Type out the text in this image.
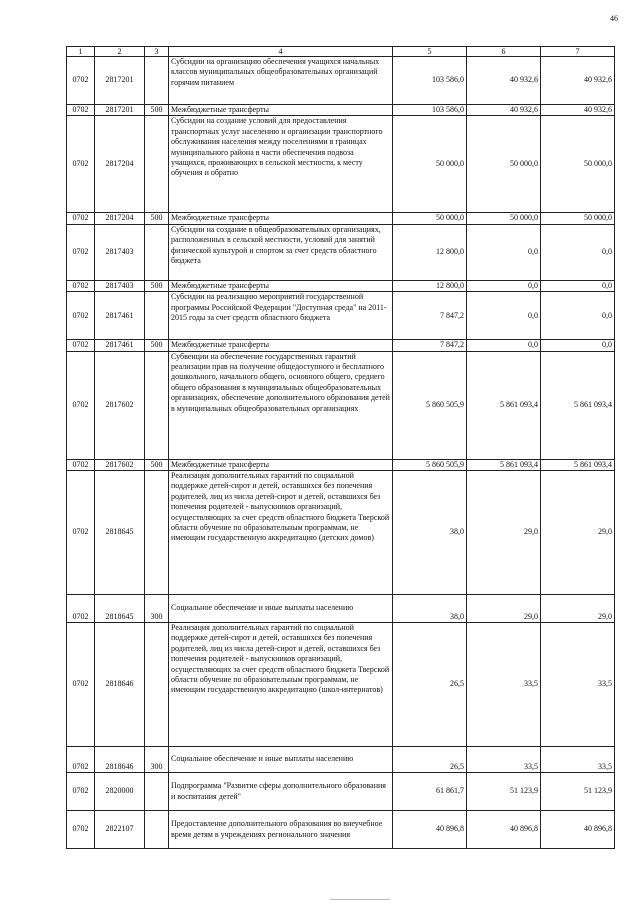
46
1	2	3	4	5	6	7
0702	2817201		Субсидии на организацию обеспечения учащихся начальных классов муниципальных общеобразовательных организаций горячим питанием	103 586,0	40 932,6	40 932,6
0702	2817201	500	Межбюджетные трансферты	103 586,0	40 932,6	40 932,6
0702	2817204		Субсидии на создание условий для предоставления транспортных услуг населению и организации транспортного обслуживания населения между поселениями в границах муниципального района в части обеспечения подвоза учащихся, проживающих в сельской местности, к месту обучения и обратно	50 000,0	50 000,0	50 000,0
0702	2817204	500	Межбюджетные трансферты	50 000,0	50 000,0	50 000,0
0702	2817403		Субсидии на создание в общеобразовательных организациях, расположенных в сельской местности, условий для занятий физической культурой и спортом за счет средств областного бюджета	12 800,0	0,0	0,0
0702	2817403	500	Межбюджетные трансферты	12 800,0	0,0	0,0
0702	2817461		Субсидии на реализацию мероприятий государственной программы Российской Федерации "Доступная среда" на 2011-2015 годы за счет средств областного бюджета	7 847,2	0,0	0,0
0702	2817461	500	Межбюджетные трансферты	7 847,2	0,0	0,0
0702	2817602		Субвенции на обеспечение государственных гарантий реализации прав на получение общедоступного и бесплатного дошкольного, начального общего, основного общего, среднего общего образования в муниципальных общеобразовательных организациях, обеспечение дополнительного образования детей в муниципальных общеобразовательных организациях	5 860 505,9	5 861 093,4	5 861 093,4
0702	2817602	500	Межбюджетные трансферты	5 860 505,9	5 861 093,4	5 861 093,4
0702	2818645		Реализация дополнительных гарантий по социальной поддержке детей-сирот и детей, оставшихся без попечения родителей, лиц из числа детей-сирот и детей, оставшихся без попечения родителей - выпускников организаций, осуществляющих за счет средств областного бюджета Тверской области обучение по образовательным программам, не имеющим государственную аккредитацию (детских домов)	38,0	29,0	29,0
0702	2818645	300	Социальное обеспечение и иные выплаты населению	38,0	29,0	29,0
0702	2818646		Реализация дополнительных гарантий по социальной поддержке детей-сирот и детей, оставшихся без попечения родителей, лиц из числа детей-сирот и детей, оставшихся без попечения родителей - выпускников организаций, осуществляющих за счет средств областного бюджета Тверской области обучение по образовательным программам, не имеющим государственную аккредитацию (школ-интернатов)	26,5	33,5	33,5
0702	2818646	300	Социальное обеспечение и иные выплаты населению	26,5	33,5	33,5
0702	2820000		Подпрограмма "Развитие сферы дополнительного образования и воспитания детей"	61 861,7	51 123,9	51 123,9
0702	2822107		Предоставление дополнительного образования во внеучебное время детям в учреждениях регионального значения	40 896,8	40 896,8	40 896,8
